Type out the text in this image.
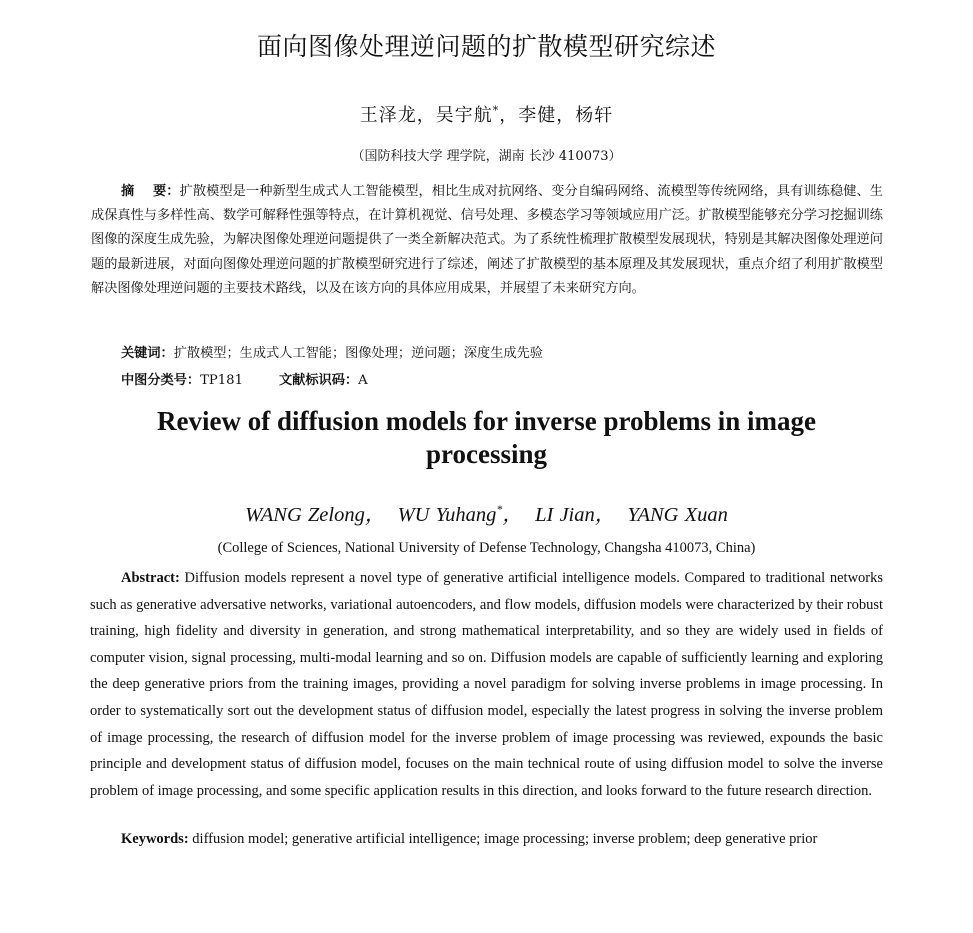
面向图像处理逆问题的扩散模型研究综述
王泽龙，吴宇航*，李健，杨轩
（国防科技大学 理学院，湖南 长沙 410073）

摘    要：扩散模型是一种新型生成式人工智能模型，相比生成对抗网络、变分自编码网络、流模型等传统网络，具有训练稳健、生成保真性与多样性高、数学可解释性强等特点，在计算机视觉、信号处理、多模态学习等领域应用广泛。扩散模型能够充分学习挖掘训练图像的深度生成先验，为解决图像处理逆问题提供了一类全新解决范式。为了系统性梳理扩散模型发展现状，特别是其解决图像处理逆问题的最新进展，对面向图像处理逆问题的扩散模型研究进行了综述，阐述了扩散模型的基本原理及其发展现状，重点介绍了利用扩散模型解决图像处理逆问题的主要技术路线，以及在该方向的具体应用成果，并展望了未来研究方向。

关键词：扩散模型；生成式人工智能；图像处理；逆问题；深度生成先验
中图分类号：TP181	文献标识码：A
Review of diffusion models for inverse problems in image
processing
WANG Zelong，  WU Yuhang*，  LI Jian，  YANG Xuan
(College of Sciences, National University of Defense Technology, Changsha 410073, China)

Abstract: Diffusion models represent a novel type of generative artificial intelligence models. Compared to traditional networks such as generative adversative networks, variational autoencoders, and flow models, diffusion models were characterized by their robust training, high fidelity and diversity in generation, and strong mathematical interpretability, and so they are widely used in fields of computer vision, signal processing, multi-modal learning and so on. Diffusion models are capable of sufficiently learning and exploring the deep generative priors from the training images, providing a novel paradigm for solving inverse problems in image processing. In order to systematically sort out the development status of diffusion model, especially the latest progress in solving the inverse problem of image processing, the research of diffusion model for the inverse problem of image processing was reviewed, expounds the basic principle and development status of diffusion model, focuses on the main technical route of using diffusion model to solve the inverse problem of image processing, and some specific application results in this direction, and looks forward to the future research direction.

Keywords: diffusion model; generative artificial intelligence; image processing; inverse problem; deep generative prior
